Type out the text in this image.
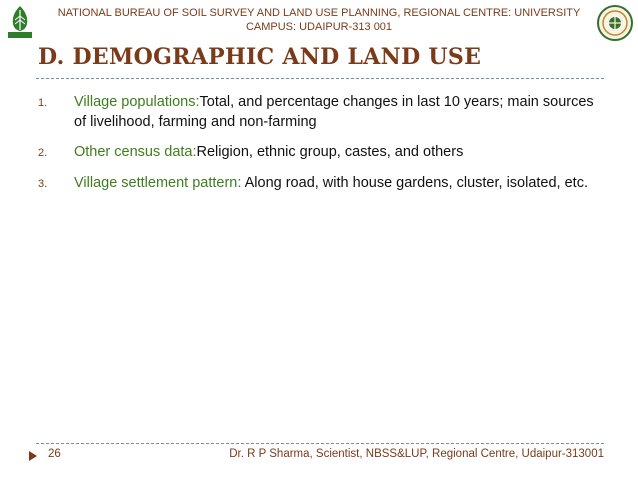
NATIONAL BUREAU OF SOIL SURVEY AND LAND USE PLANNING, REGIONAL CENTRE: UNIVERSITY
CAMPUS: UDAIPUR-313 001
D. DEMOGRAPHIC AND LAND USE
1.	Village populations:Total, and percentage changes in last 10 years; main sources of livelihood, farming and non-farming
2.	Other census data:Religion, ethnic group, castes, and others
3.	Village settlement pattern: Along road, with house gardens, cluster, isolated, etc.
26	Dr. R P Sharma, Scientist, NBSS&LUP, Regional Centre, Udaipur-313001
